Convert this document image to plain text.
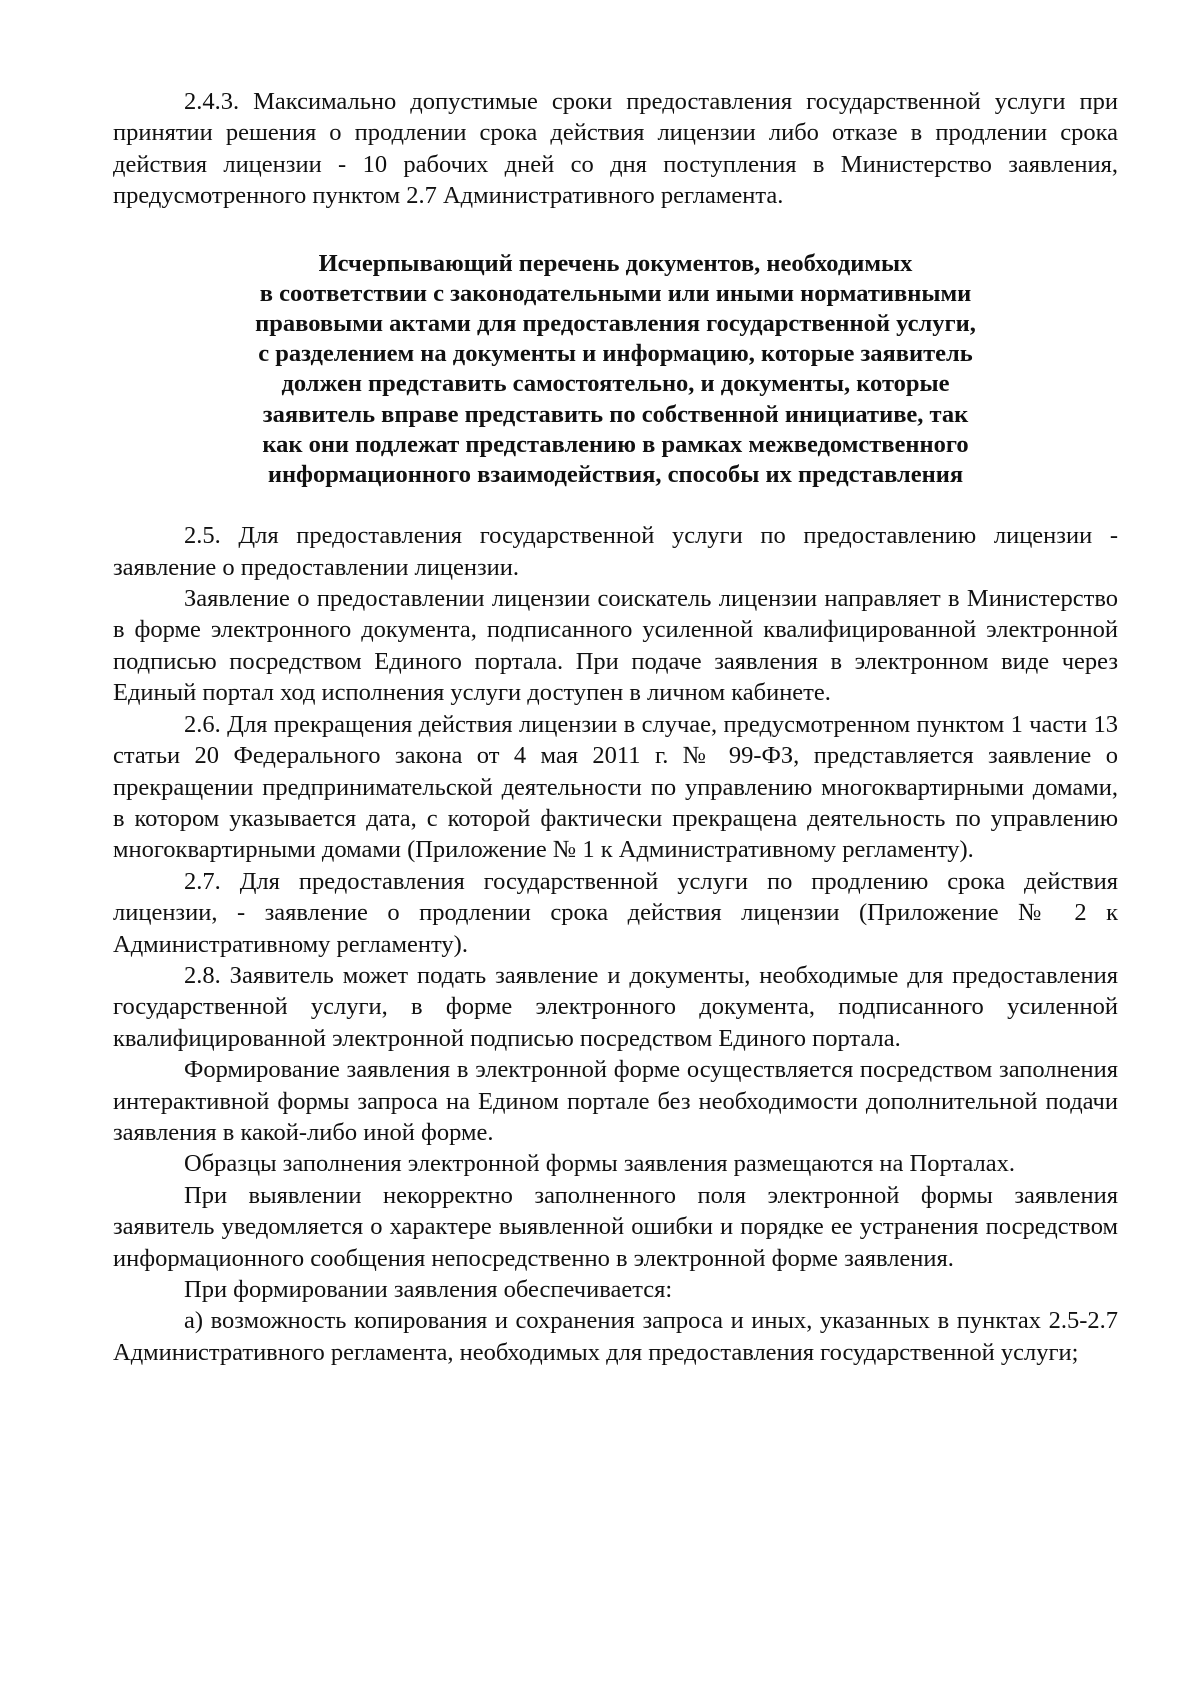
2.4.3. Максимально допустимые сроки предоставления государственной услуги при принятии решения о продлении срока действия лицензии либо отказе в продлении срока действия лицензии - 10 рабочих дней со дня поступления в Министерство заявления, предусмотренного пунктом 2.7 Административного регламента.

Исчерпывающий перечень документов, необходимых
в соответствии с законодательными или иными нормативными
правовыми актами для предоставления государственной услуги,
с разделением на документы и информацию, которые заявитель
должен представить самостоятельно, и документы, которые
заявитель вправе представить по собственной инициативе, так
как они подлежат представлению в рамках межведомственного
информационного взаимодействия, способы их представления

2.5. Для предоставления государственной услуги по предоставлению лицензии - заявление о предоставлении лицензии.

Заявление о предоставлении лицензии соискатель лицензии направляет в Министерство в форме электронного документа, подписанного усиленной квалифицированной электронной подписью посредством Единого портала. При подаче заявления в электронном виде через Единый портал ход исполнения услуги доступен в личном кабинете.

2.6. Для прекращения действия лицензии в случае, предусмотренном пунктом 1 части 13 статьи 20 Федерального закона от 4 мая 2011 г. № 99-ФЗ, представляется заявление о прекращении предпринимательской деятельности по управлению многоквартирными домами, в котором указывается дата, с которой фактически прекращена деятельность по управлению многоквартирными домами (Приложение № 1 к Административному регламенту).

2.7. Для предоставления государственной услуги по продлению срока действия лицензии, - заявление о продлении срока действия лицензии (Приложение № 2 к Административному регламенту).

2.8. Заявитель может подать заявление и документы, необходимые для предоставления государственной услуги, в форме электронного документа, подписанного усиленной квалифицированной электронной подписью посредством Единого портала.

Формирование заявления в электронной форме осуществляется посредством заполнения интерактивной формы запроса на Едином портале без необходимости дополнительной подачи заявления в какой-либо иной форме.

Образцы заполнения электронной формы заявления размещаются на Порталах.

При выявлении некорректно заполненного поля электронной формы заявления заявитель уведомляется о характере выявленной ошибки и порядке ее устранения посредством информационного сообщения непосредственно в электронной форме заявления.

При формировании заявления обеспечивается:

а) возможность копирования и сохранения запроса и иных, указанных в пунктах 2.5-2.7 Административного регламента, необходимых для предоставления государственной услуги;
